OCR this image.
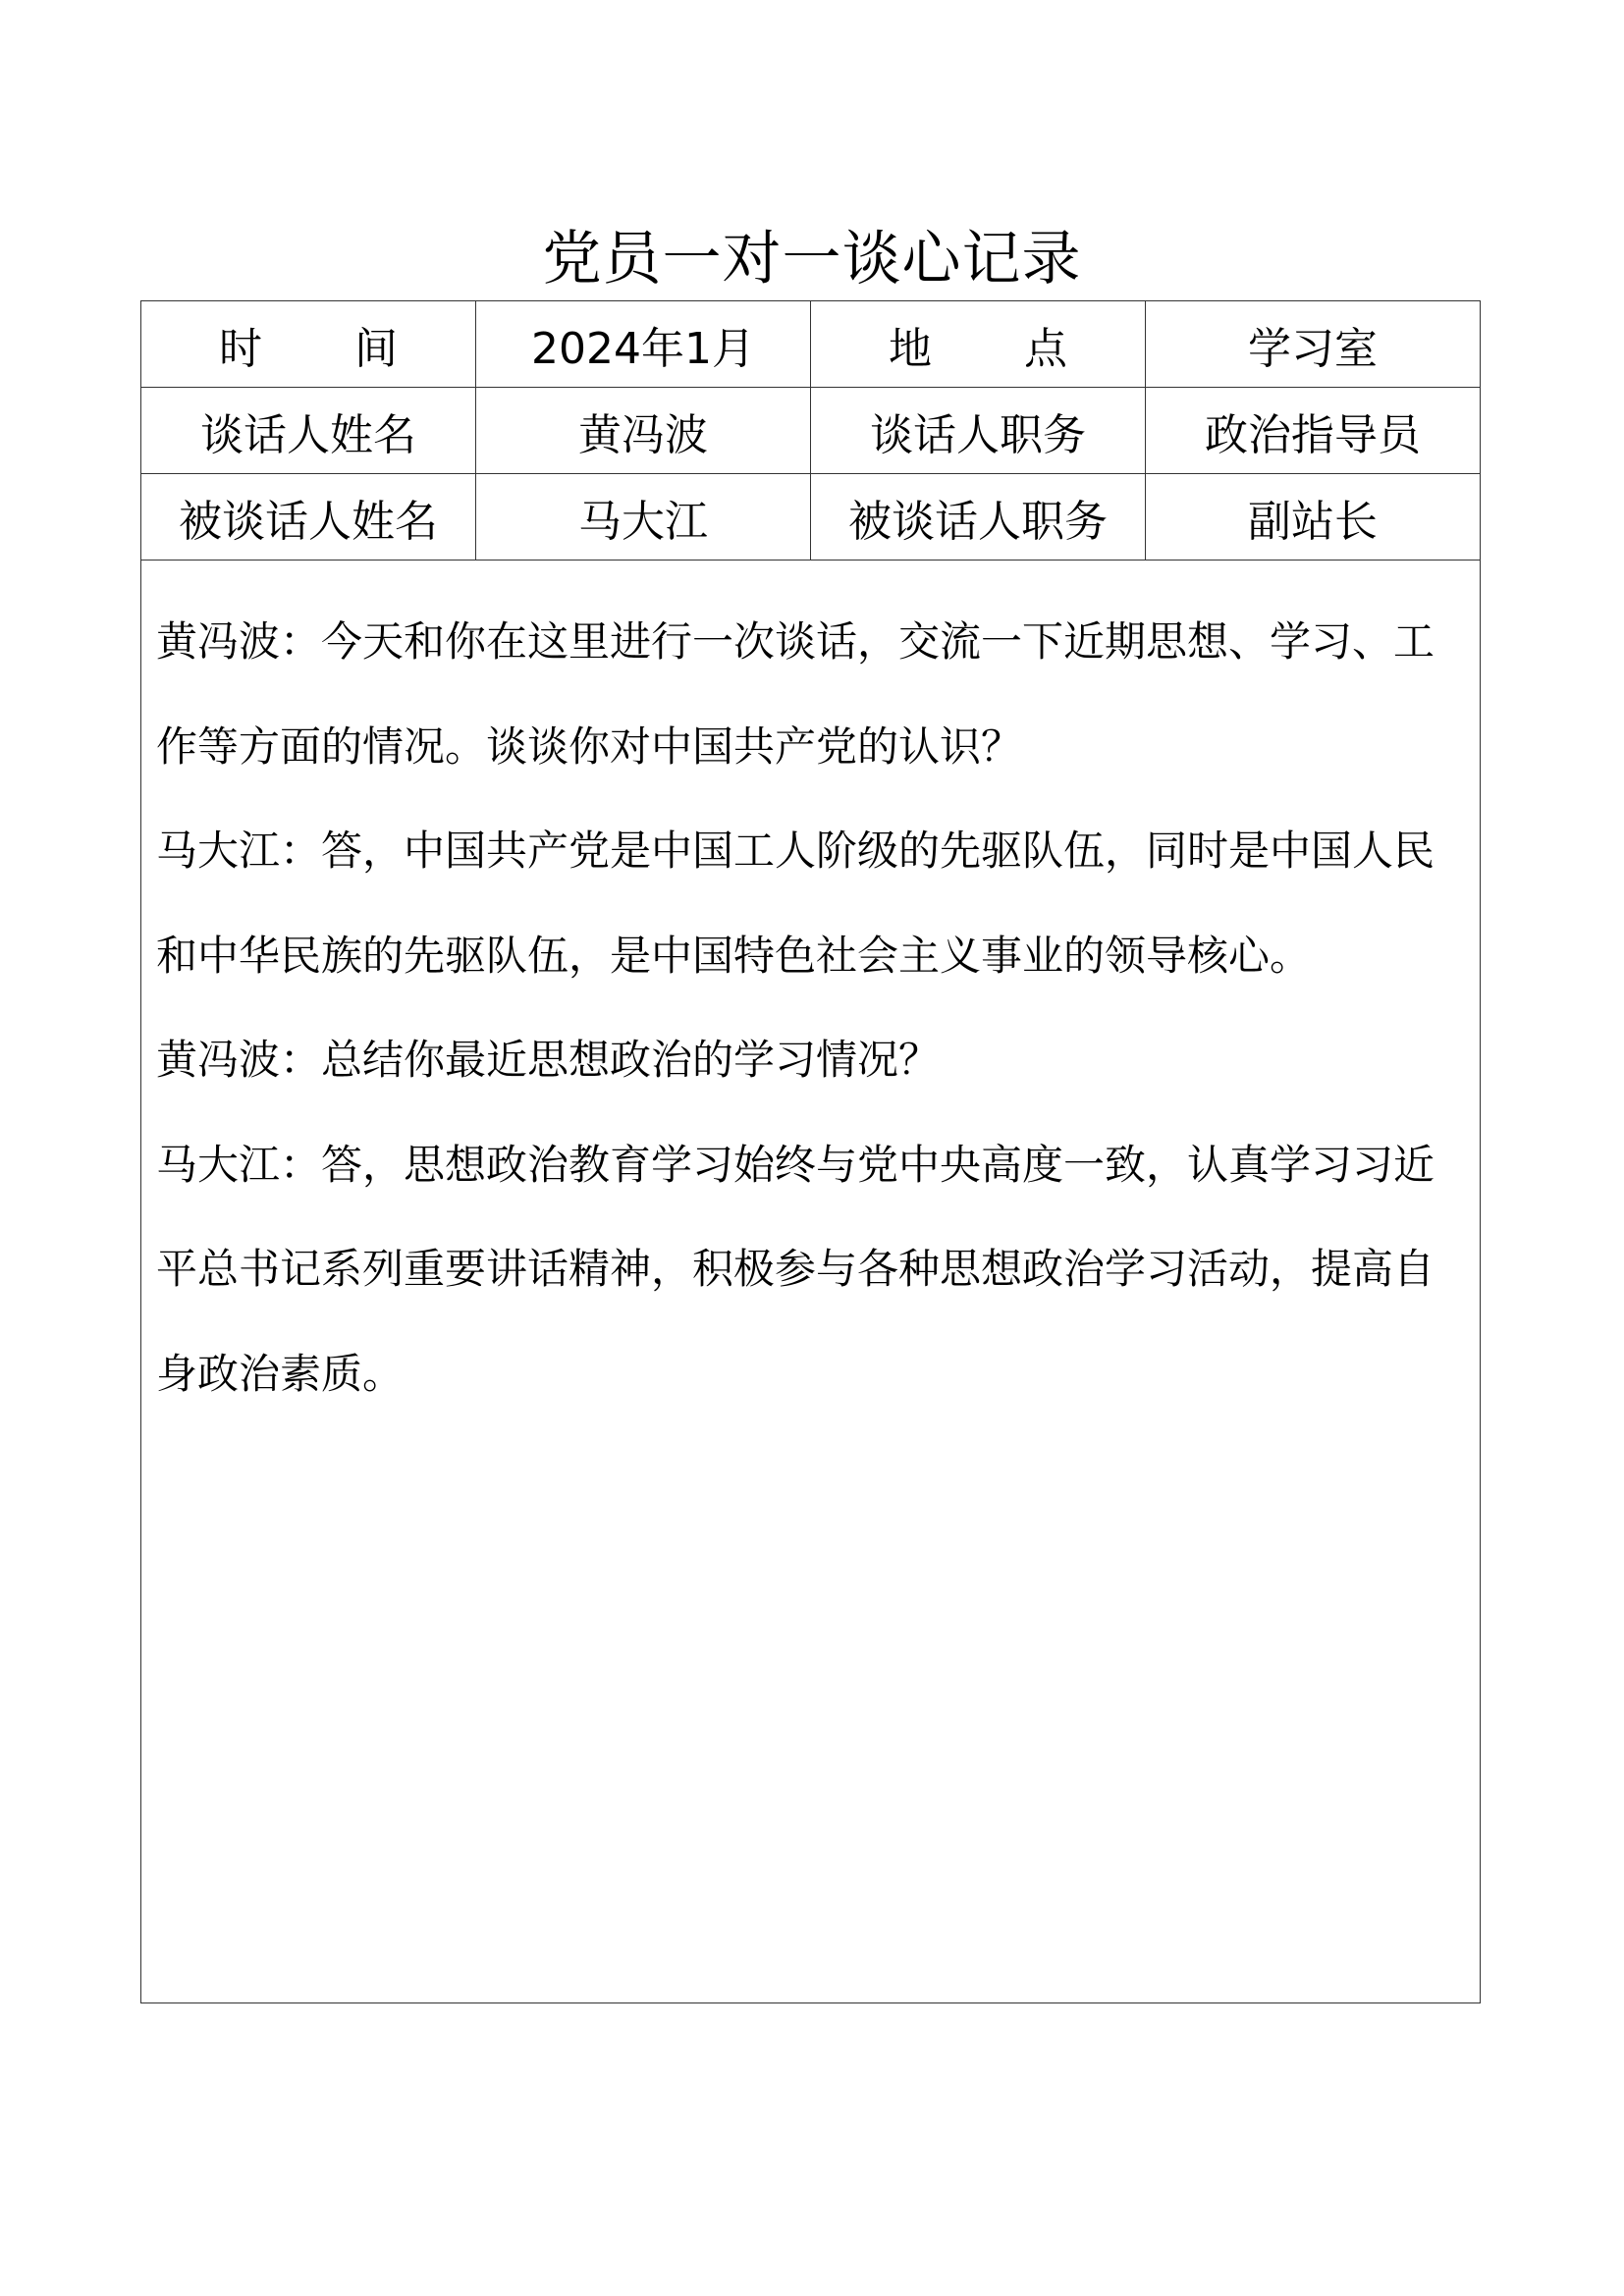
党员一对一谈心记录
时 间	2024年1月	地 点	学习室
谈话人姓名	黄冯波	谈话人职务	政治指导员
被谈话人姓名	马大江	被谈话人职务	副站长

黄冯波：今天和你在这里进行一次谈话，交流一下近期思想、学习、工作等方面的情况。谈谈你对中国共产党的认识？

马大江：答，中国共产党是中国工人阶级的先驱队伍，同时是中国人民和中华民族的先驱队伍，是中国特色社会主义事业的领导核心。

黄冯波：总结你最近思想政治的学习情况？

马大江：答，思想政治教育学习始终与党中央高度一致，认真学习习近平总书记系列重要讲话精神，积极参与各种思想政治学习活动，提高自身政治素质。			
